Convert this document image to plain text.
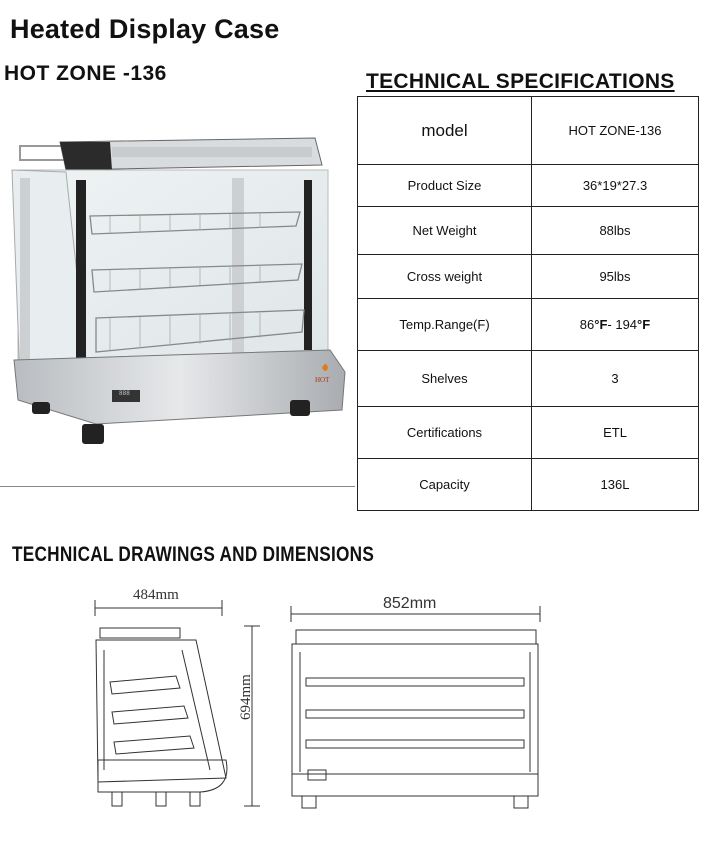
Heated Display Case
HOT ZONE -136
HOT
888
TECHNICAL SPECIFICATIONS
model	HOT ZONE-136
Product Size	36*19*27.3
Net Weight	88lbs
Cross weight	95lbs
Temp.Range(F)	86°F- 194°F
Shelves	3
Certifications	ETL
Capacity	136L
TECHNICAL DRAWINGS AND DIMENSIONS
484mm	852mm
694mm
